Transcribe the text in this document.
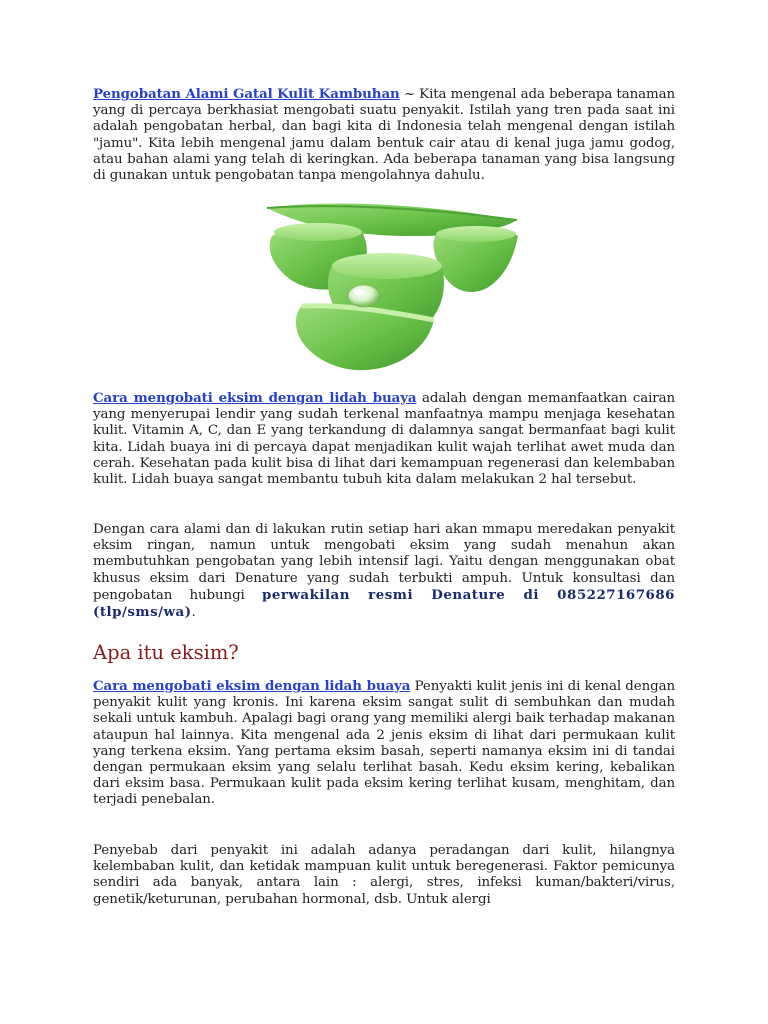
Pengobatan Alami Gatal Kulit Kambuhan ~ Kita mengenal ada beberapa tanaman yang di percaya berkhasiat mengobati suatu penyakit. Istilah yang tren pada saat ini adalah pengobatan herbal, dan bagi kita di Indonesia telah mengenal dengan istilah "jamu". Kita lebih mengenal jamu dalam bentuk cair atau di kenal juga jamu godog, atau bahan alami yang telah di keringkan. Ada beberapa tanaman yang bisa langsung di gunakan untuk pengobatan tanpa mengolahnya dahulu.

Cara mengobati eksim dengan lidah buaya adalah dengan memanfaatkan cairan yang menyerupai lendir yang sudah terkenal manfaatnya mampu menjaga kesehatan kulit. Vitamin A, C, dan E yang terkandung di dalamnya sangat bermanfaat bagi kulit kita. Lidah buaya ini di percaya dapat menjadikan kulit wajah terlihat awet muda dan cerah. Kesehatan pada kulit bisa di lihat dari kemampuan regenerasi dan kelembaban kulit. Lidah buaya sangat membantu tubuh kita dalam melakukan 2 hal tersebut.

Dengan cara alami dan di lakukan rutin setiap hari akan mmapu meredakan penyakit eksim ringan, namun untuk mengobati eksim yang sudah menahun akan membutuhkan pengobatan yang lebih intensif lagi. Yaitu dengan menggunakan obat khusus eksim dari Denature yang sudah terbukti ampuh. Untuk konsultasi dan pengobatan hubungi perwakilan resmi Denature di 085227167686 (tlp/sms/wa).

Apa itu eksim?

Cara mengobati eksim dengan lidah buaya Penyakti kulit jenis ini di kenal dengan penyakit kulit yang kronis. Ini karena eksim sangat sulit di sembuhkan dan mudah sekali untuk kambuh. Apalagi bagi orang yang memiliki alergi baik terhadap makanan ataupun hal lainnya. Kita mengenal ada 2 jenis eksim di lihat dari permukaan kulit yang terkena eksim. Yang pertama eksim basah, seperti namanya eksim ini di tandai dengan permukaan eksim yang selalu terlihat basah. Kedu eksim kering, kebalikan dari eksim basa. Permukaan kulit pada eksim kering terlihat kusam, menghitam, dan terjadi penebalan.

Penyebab dari penyakit ini adalah adanya peradangan dari kulit, hilangnya kelembaban kulit, dan ketidak mampuan kulit untuk beregenerasi. Faktor pemicunya sendiri ada banyak, antara lain : alergi, stres, infeksi kuman/bakteri/virus, genetik/keturunan, perubahan hormonal, dsb. Untuk alergi
